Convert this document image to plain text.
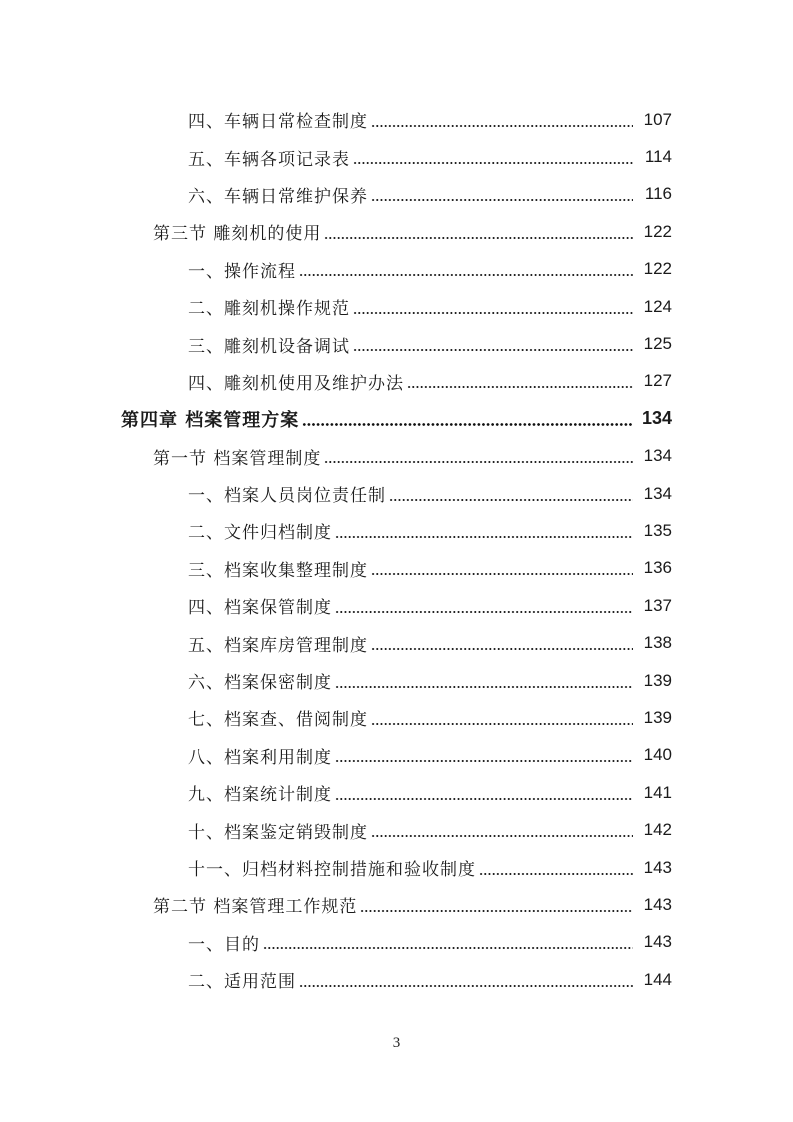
四、车辆日常检查制度	107
五、车辆各项记录表	114
六、车辆日常维护保养	116
第三节 雕刻机的使用	122
一、操作流程	122
二、雕刻机操作规范	124
三、雕刻机设备调试	125
四、雕刻机使用及维护办法	127
第四章 档案管理方案	134
第一节 档案管理制度	134
一、档案人员岗位责任制	134
二、文件归档制度	135
三、档案收集整理制度	136
四、档案保管制度	137
五、档案库房管理制度	138
六、档案保密制度	139
七、档案查、借阅制度	139
八、档案利用制度	140
九、档案统计制度	141
十、档案鉴定销毁制度	142
十一、归档材料控制措施和验收制度	143
第二节 档案管理工作规范	143
一、目的	143
二、适用范围	144
3
